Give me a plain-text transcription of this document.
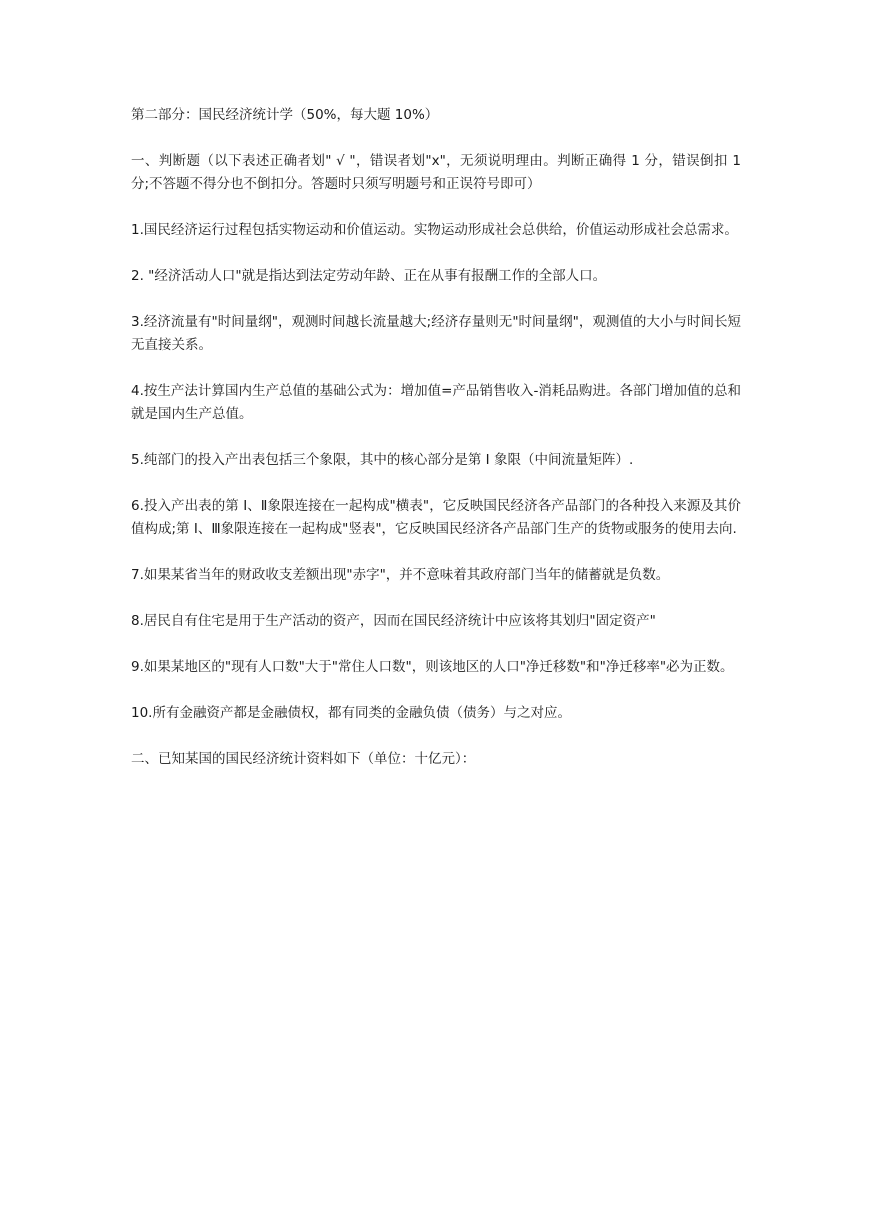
第二部分：国民经济统计学（50%，每大题 10%）

一、判断题（以下表述正确者划" √ "，错误者划"x"，无须说明理由。判断正确得 1 分，错误倒扣 1 分;不答题不得分也不倒扣分。答题时只须写明题号和正误符号即可）

1.国民经济运行过程包括实物运动和价值运动。实物运动形成社会总供给，价值运动形成社会总需求。

2. "经济活动人口"就是指达到法定劳动年龄、正在从事有报酬工作的全部人口。

3.经济流量有"时间量纲"，观测时间越长流量越大;经济存量则无"时间量纲"，观测值的大小与时间长短无直接关系。

4.按生产法计算国内生产总值的基础公式为：增加值=产品销售收入-消耗品购进。各部门增加值的总和就是国内生产总值。

5.纯部门的投入产出表包括三个象限，其中的核心部分是第 I 象限（中间流量矩阵）.

6.投入产出表的第 I、Ⅱ象限连接在一起构成"横表"，它反映国民经济各产品部门的各种投入来源及其价值构成;第 I、Ⅲ象限连接在一起构成"竖表"，它反映国民经济各产品部门生产的货物或服务的使用去向.

7.如果某省当年的财政收支差额出现"赤字"，并不意味着其政府部门当年的储蓄就是负数。

8.居民自有住宅是用于生产活动的资产，因而在国民经济统计中应该将其划归"固定资产"

9.如果某地区的"现有人口数"大于"常住人口数"，则该地区的人口"净迁移数"和"净迁移率"必为正数。

10.所有金融资产都是金融债权，都有同类的金融负债（债务）与之对应。

二、已知某国的国民经济统计资料如下（单位：十亿元）：
